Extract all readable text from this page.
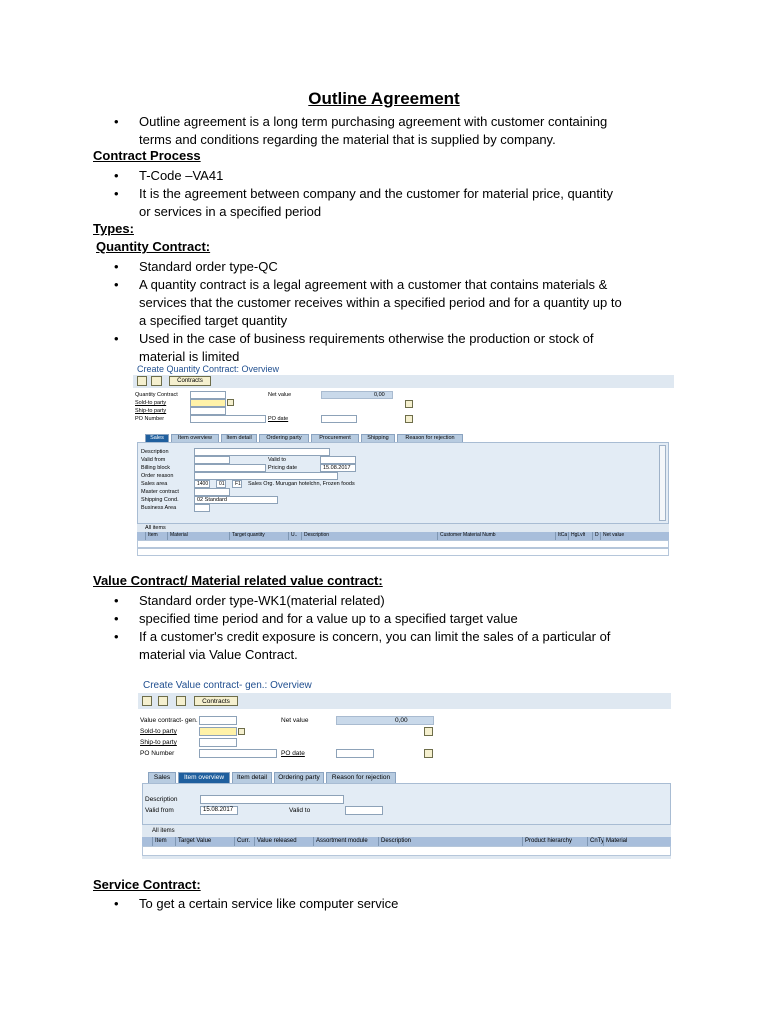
Outline Agreement
• Outline agreement is a long term purchasing agreement with customer containing
terms and conditions regarding the material that is supplied by company.
Contract Process
• T-Code –VA41
• It is the agreement between company and the customer for material price, quantity
or services in a specified period
Types:
Quantity Contract:
• Standard order type-QC
• A quantity contract is a legal agreement with a customer that contains materials &
services that the customer receives within a specified period and for a quantity up to
a specified target quantity
• Used in the case of business requirements otherwise the production or stock of
material is limited
Create Quantity Contract: Overview
Contracts
Quantity Contract
Sold-to party
Ship-to party
PO Number
Net value	0,00
PO date
Sales	Item overview	Item detail	Ordering party	Procurement	Shipping	Reason for rejection
Description
Valid from	Valid to
Billing block	Pricing date	15.08.2017
Order reason
Sales area	1400 01 F1 Sales Org. Murugan hotelchn, Frozen foods
Master contract
Shipping Cond.	02 Standard
Business Area
All items
Item	Material	Target quantity	U..	Description	Customer Material Numb	ItCa HgLvIt	D Net value
Value Contract/ Material related value contract:
• Standard order type-WK1(material related)
• specified time period and for a value up to a specified target value
• If a customer's credit exposure is concern, you can limit the sales of a particular of
material via Value Contract.
Create Value contract- gen.: Overview
Contracts
Value contract- gen.
Sold-to party
Ship-to party
PO Number
Net value	0,00
PO date
Sales	Item overview	Item detail	Ordering party	Reason for rejection
Description
Valid from	15.08.2017	Valid to
All items
Item	Target Value	Curr.	Value released	Assortment module	Description	Product hierarchy	CnTy Material
Service Contract:
• To get a certain service like computer service
